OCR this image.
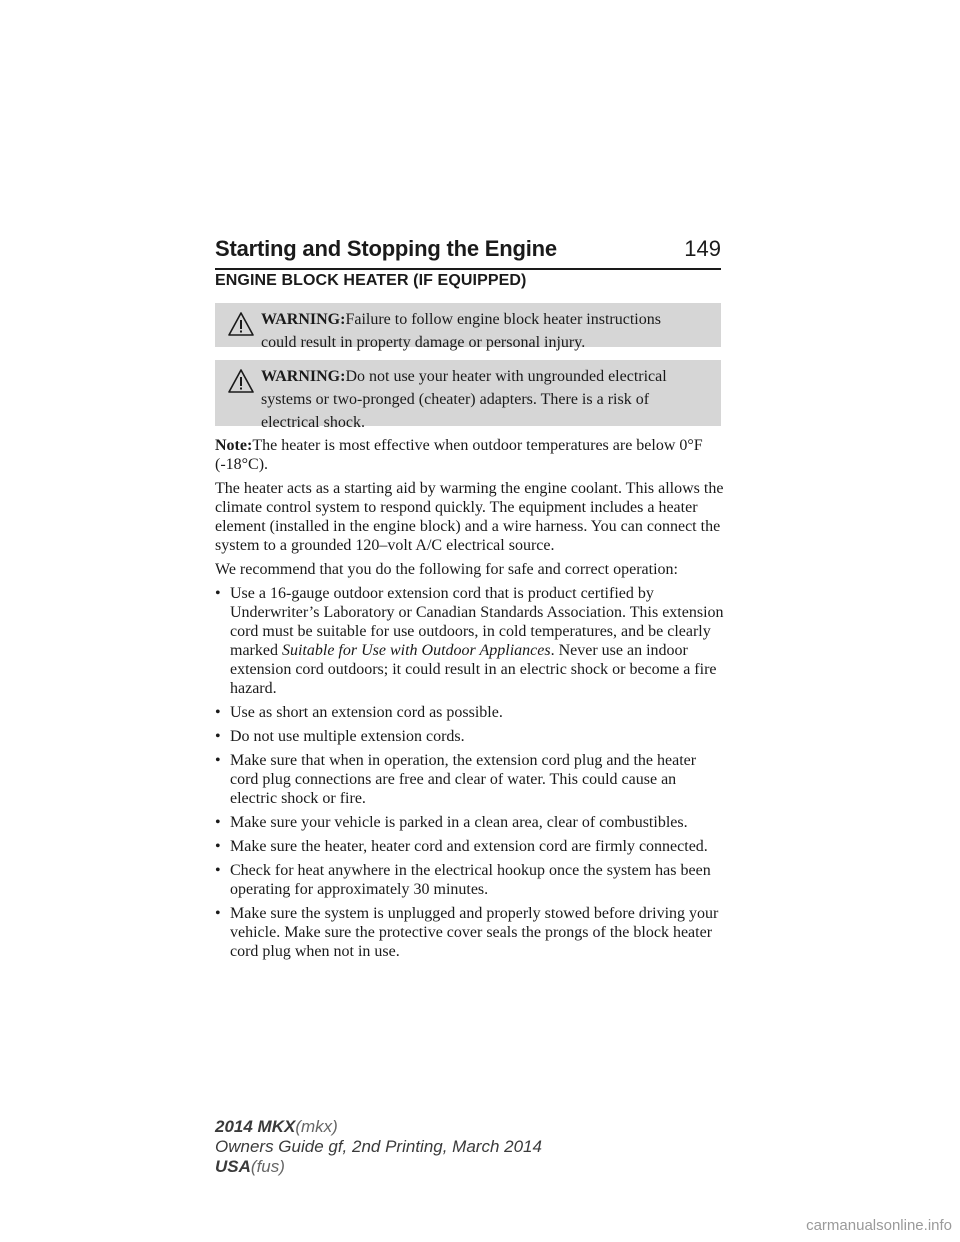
Starting and Stopping the Engine	149
ENGINE BLOCK HEATER (IF EQUIPPED)
WARNING:Failure to follow engine block heater instructions
could result in property damage or personal injury.
WARNING:Do not use your heater with ungrounded electrical
systems or two-pronged (cheater) adapters. There is a risk of electrical shock.

Note:The heater is most effective when outdoor temperatures are below 0°F (-18°C).

The heater acts as a starting aid by warming the engine coolant. This allows the climate control system to respond quickly. The equipment includes a heater element (installed in the engine block) and a wire harness. You can connect the system to a grounded 120–volt A/C electrical source.

We recommend that you do the following for safe and correct operation:

• Use a 16-gauge outdoor extension cord that is product certified by Underwriter’s Laboratory or Canadian Standards Association. This extension cord must be suitable for use outdoors, in cold temperatures, and be clearly marked Suitable for Use with Outdoor Appliances. Never use an indoor extension cord outdoors; it could result in an electric shock or become a fire hazard.
• Use as short an extension cord as possible.
• Do not use multiple extension cords.
• Make sure that when in operation, the extension cord plug and the heater cord plug connections are free and clear of water. This could cause an electric shock or fire.
• Make sure your vehicle is parked in a clean area, clear of combustibles.
• Make sure the heater, heater cord and extension cord are firmly connected.
• Check for heat anywhere in the electrical hookup once the system has been operating for approximately 30 minutes.
• Make sure the system is unplugged and properly stowed before driving your vehicle. Make sure the protective cover seals the prongs of the block heater cord plug when not in use.
2014 MKX(mkx)
Owners Guide gf, 2nd Printing, March 2014
USA(fus)
carmanualsonline.info
